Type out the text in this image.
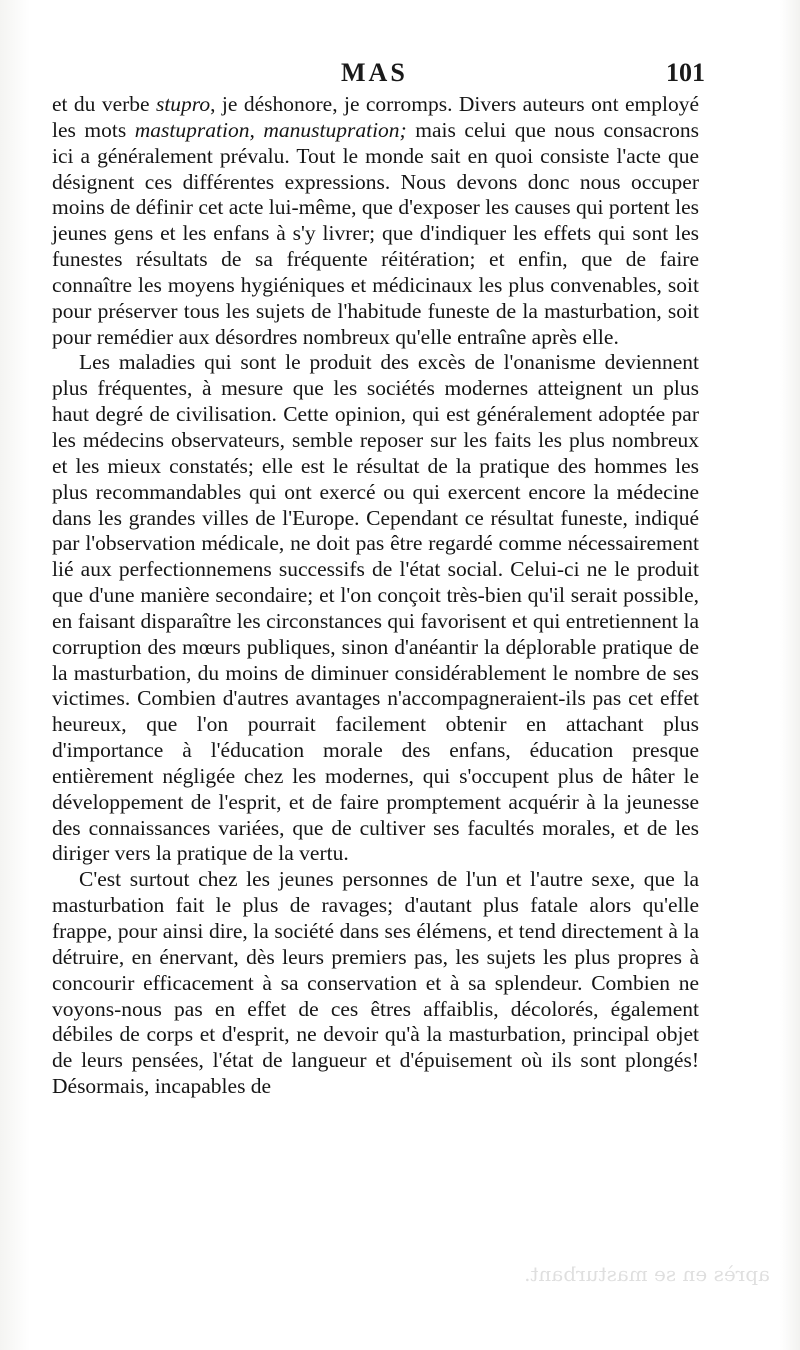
après en se masturbant.
MAS	101

et du verbe stupro, je déshonore, je corromps. Divers auteurs ont employé les mots mastupration, manustupration; mais celui que nous consacrons ici a généralement prévalu. Tout le monde sait en quoi consiste l'acte que désignent ces différentes expressions. Nous devons donc nous occuper moins de définir cet acte lui-même, que d'exposer les causes qui portent les jeunes gens et les enfans à s'y livrer; que d'indiquer les effets qui sont les funestes résultats de sa fréquente réitération; et enfin, que de faire connaître les moyens hygiéniques et médicinaux les plus convenables, soit pour préserver tous les sujets de l'habitude funeste de la masturbation, soit pour remédier aux désordres nombreux qu'elle entraîne après elle.

Les maladies qui sont le produit des excès de l'onanisme deviennent plus fréquentes, à mesure que les sociétés modernes atteignent un plus haut degré de civilisation. Cette opinion, qui est généralement adoptée par les médecins observateurs, semble reposer sur les faits les plus nombreux et les mieux constatés; elle est le résultat de la pratique des hommes les plus recommandables qui ont exercé ou qui exercent encore la médecine dans les grandes villes de l'Europe. Cependant ce résultat funeste, indiqué par l'observation médicale, ne doit pas être regardé comme nécessairement lié aux perfectionnemens successifs de l'état social. Celui-ci ne le produit que d'une manière secondaire; et l'on conçoit très-bien qu'il serait possible, en faisant disparaître les circonstances qui favorisent et qui entretiennent la corruption des mœurs publiques, sinon d'anéantir la déplorable pratique de la masturbation, du moins de diminuer considérablement le nombre de ses victimes. Combien d'autres avantages n'accompagneraient-ils pas cet effet heureux, que l'on pourrait facilement obtenir en attachant plus d'importance à l'éducation morale des enfans, éducation presque entièrement négligée chez les modernes, qui s'occupent plus de hâter le développement de l'esprit, et de faire promptement acquérir à la jeunesse des connaissances variées, que de cultiver ses facultés morales, et de les diriger vers la pratique de la vertu.

C'est surtout chez les jeunes personnes de l'un et l'autre sexe, que la masturbation fait le plus de ravages; d'autant plus fatale alors qu'elle frappe, pour ainsi dire, la société dans ses élémens, et tend directement à la détruire, en énervant, dès leurs premiers pas, les sujets les plus propres à concourir efficacement à sa conservation et à sa splendeur. Combien ne voyons-nous pas en effet de ces êtres affaiblis, décolorés, également débiles de corps et d'esprit, ne devoir qu'à la masturbation, principal objet de leurs pensées, l'état de langueur et d'épuisement où ils sont plongés! Désormais, incapables de
